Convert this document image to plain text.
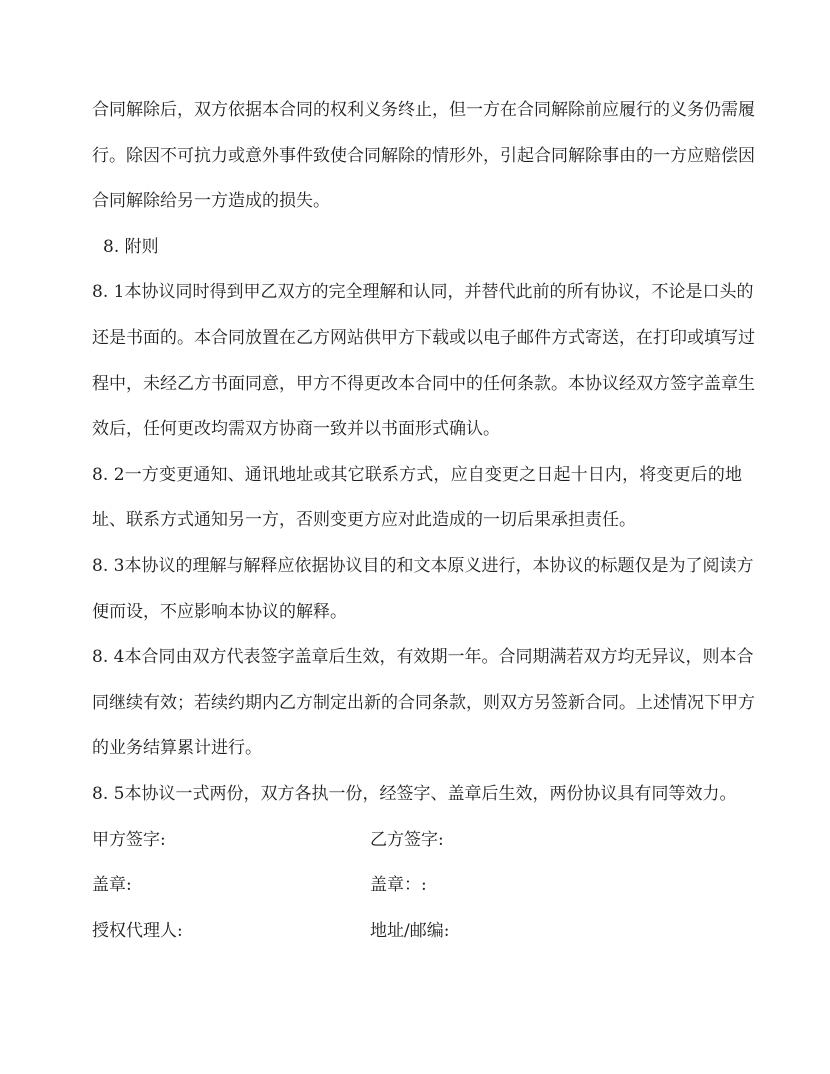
合同解除后，双方依据本合同的权利义务终止，但一方在合同解除前应履行的义务仍需履
行。除因不可抗力或意外事件致使合同解除的情形外，引起合同解除事由的一方应赔偿因
合同解除给另一方造成的损失。
8. 附则
8. 1本协议同时得到甲乙双方的完全理解和认同，并替代此前的所有协议，不论是口头的
还是书面的。本合同放置在乙方网站供甲方下载或以电子邮件方式寄送，在打印或填写过
程中，未经乙方书面同意，甲方不得更改本合同中的任何条款。本协议经双方签字盖章生
效后，任何更改均需双方协商一致并以书面形式确认。
8. 2一方变更通知、通讯地址或其它联系方式，应自变更之日起十日内，将变更后的地
址、联系方式通知另一方，否则变更方应对此造成的一切后果承担责任。
8. 3本协议的理解与解释应依据协议目的和文本原义进行，本协议的标题仅是为了阅读方
便而设，不应影响本协议的解释。
8. 4本合同由双方代表签字盖章后生效，有效期一年。合同期满若双方均无异议，则本合
同继续有效；若续约期内乙方制定出新的合同条款，则双方另签新合同。上述情况下甲方
的业务结算累计进行。
8. 5本协议一式两份，双方各执一份，经签字、盖章后生效，两份协议具有同等效力。
甲方签字:	乙方签字:
盖章:	盖章：:
授权代理人:	地址/邮编:
